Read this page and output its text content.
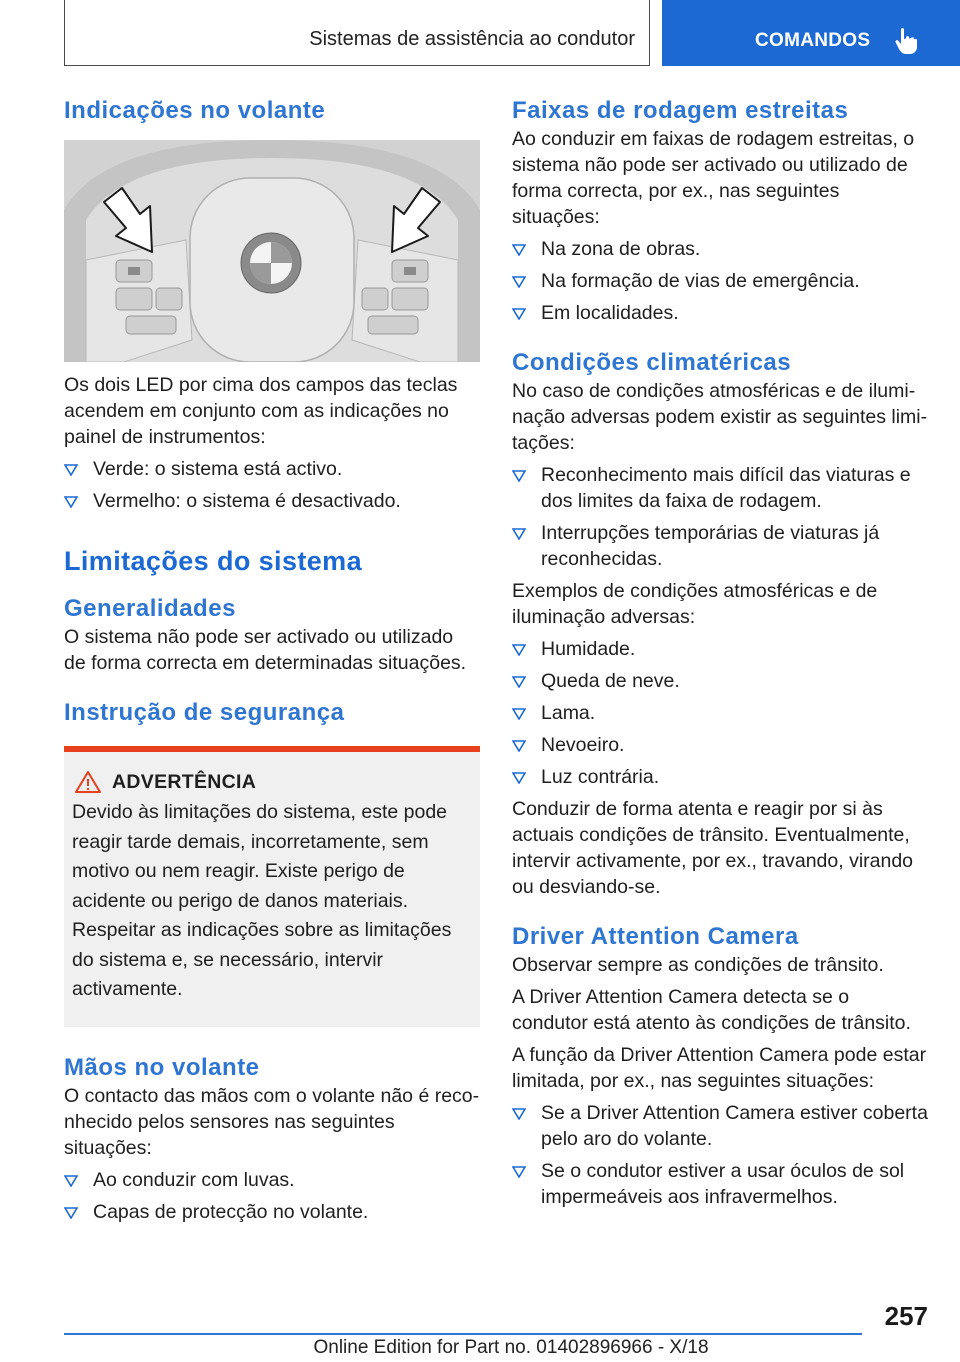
Sistemas de assistência ao condutor	COMANDOS
Indicações no volante

Os dois LED por cima dos campos das teclas acendem em conjunto com as indicações no painel de instrumentos:

Verde: o sistema está activo.
Vermelho: o sistema é desactivado.
Limitações do sistema
Generalidades

O sistema não pode ser activado ou utilizado de forma correcta em determinadas situações.

Instrução de segurança
ADVERTÊNCIA

Devido às limitações do sistema, este pode reagir tarde demais, incorretamente, sem motivo ou nem reagir. Existe perigo de acidente ou perigo de danos materiais. Respeitar as indicações sobre as limitações do sistema e, se necessário, intervir activamente.

Mãos no volante

O contacto das mãos com o volante não é reconhecido pelos sensores nas seguintes situações:

Ao conduzir com luvas.
Capas de protecção no volante.
Faixas de rodagem estreitas

Ao conduzir em faixas de rodagem estreitas, o sistema não pode ser activado ou utilizado de forma correcta, por ex., nas seguintes situações:

Na zona de obras.
Na formação de vias de emergência.
Em localidades.
Condições climatéricas

No caso de condições atmosféricas e de iluminação adversas podem existir as seguintes limitações:

Reconhecimento mais difícil das viaturas e dos limites da faixa de rodagem.
Interrupções temporárias de viaturas já reconhecidas.

Exemplos de condições atmosféricas e de iluminação adversas:

Humidade.
Queda de neve.
Lama.
Nevoeiro.
Luz contrária.

Conduzir de forma atenta e reagir por si às actuais condições de trânsito. Eventualmente, intervir activamente, por ex., travando, virando ou desviando-se.

Driver Attention Camera

Observar sempre as condições de trânsito.

A Driver Attention Camera detecta se o condutor está atento às condições de trânsito.

A função da Driver Attention Camera pode estar limitada, por ex., nas seguintes situações:

Se a Driver Attention Camera estiver coberta pelo aro do volante.
Se o condutor estiver a usar óculos de sol impermeáveis aos infravermelhos.
257
Online Edition for Part no. 01402896966 - X/18
